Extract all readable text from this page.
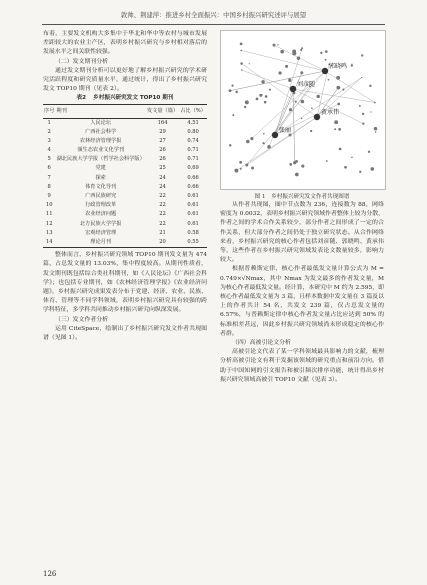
敦帅、荆建萍：推进乡村全面振兴：中国乡村振兴研究述评与展望

布着，主要发文机构大多集中于华北和华中等农村与城市发展差距较大的农业主产区，表明乡村振兴研究与乡村相对落后的发展水平之间关联性较强。

（二）发文期刊分析

通过发文期刊分析可以更好地了解乡村振兴研究的学术研究活跃程度和研究质量水平，通过统计，得出了乡村振兴研究发文 TOP10 期刊（见表 2）。

表2 乡村振兴研究发文 TOP10 期刊
序号	期刊	发文量（篇）	占比（%）
1	人民论坛	164	4.51
2	广西社会科学	29	0.80
3	农林经济管理学报	27	0.74
4	颁生态农业文化学刊	26	0.71
5	湖北民族大学学报（哲学社会科学版）	26	0.71
6	党建	25	0.69
7	探索	24	0.66
8	体育文化导刊	24	0.66
9	广西民族研究	22	0.61
10	行政管理改革	22	0.61
11	农业经济问题	22	0.61
12	北方民族大学学报	22	0.61
13	宏观经济管理	21	0.58
14	理论月刊	20	0.55

整体而言，乡村振兴研究领域 TOP10 期刊发文量为 474 篇，占总发文量的 13.03%，集中程度较高。从期刊性质看，发文期刊既包括综合类社科期刊，如《人民论坛》《广西社会科学》；也包括专业期刊，如《农林经济管理学报》《农业经济问题》，乡村振兴研究成果发表分布于党建、经济、农业、民族、体育、管理等不同学科领域，表明乡村振兴研究具有较强的跨学科特征，多学科共同推动乡村振兴研究向纵深发展。

（三）发文作者分析

运用 CiteSpace，绘制出了乡村振兴研究发文作者共现图谱（见图 1）。

刘彦随
郭晓鸣
黄承伟
张丽
图 1　乡村振兴研究发文作者共现图谱

从作者共现图，图中节点数为 236，连接数为 88，网络密度为 0.0032，表明乡村振兴研究领域作者整体上较为分散，作者之间的学术合作关系较少，部分作者之间形成了一定的合作关系，但大部分作者之间仍处于独立研究状态。从合作网络来看，乡村振兴研究的核心作者包括刘彦随、郭晓鸣、黄承伟等，这些作者在乡村振兴研究领域发表论文数量较多，影响力较大。

根据普赖斯定律，核心作者最低发文量计算公式为 M = 0.749×√Nmax，其中 Nmax 为发文最多的作者发文量，M 为核心作者最低发文量。经计算，本研究中 M 约为 2.595，即核心作者最低发文量为 3 篇，且样本数据中发文量在 3 篇及以上的作者共计 54 名，共发文 239 篇，仅占总发文量的 6.57%，与普赖斯定律中核心作者发文量占比应达到 50% 的标准相差甚远，因此乡村振兴研究领域尚未形成稳定的核心作者群。

（四）高被引论文分析

高被引论文代表了某一学科领域最具影响力的文献，梳理分析高被引论文有利于发掘该领域的研究重点和前沿方向。借助于中国知网的引文报告和被引频次排序功能，统计得出乡村振兴研究领域高被引 TOP10 文献（见表 3）。

126
